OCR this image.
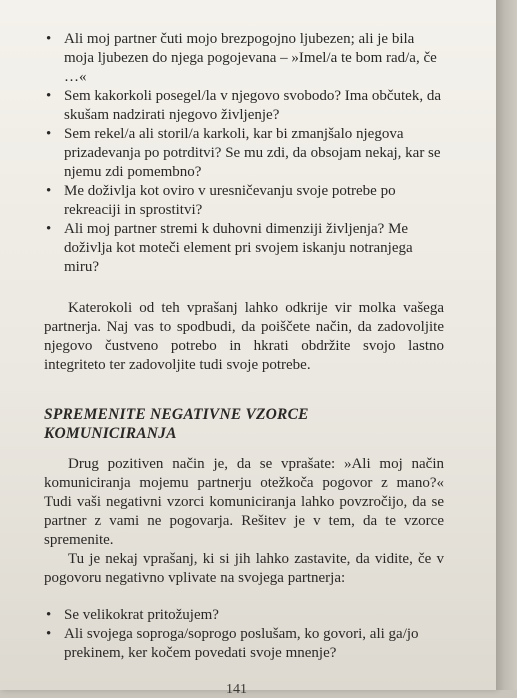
• Ali moj partner čuti mojo brezpogojno ljubezen; ali je bila moja ljubezen do njega pogojevana – »Imel/a te bom rad/a, če …«
• Sem kakorkoli posegel/la v njegovo svobodo? Ima občutek, da skušam nadzirati njegovo življenje?
• Sem rekel/a ali storil/a karkoli, kar bi zmanjšalo njegova prizadevanja po potrditvi? Se mu zdi, da obsojam nekaj, kar se njemu zdi pomembno?
• Me doživlja kot oviro v uresničevanju svoje potrebe po rekreaciji in sprostitvi?
• Ali moj partner stremi k duhovni dimenziji življenja? Me doživlja kot moteči element pri svojem iskanju notranjega miru?

Katerokoli od teh vprašanj lahko odkrije vir molka vašega partnerja. Naj vas to spodbudi, da poiščete način, da zadovoljite njegovo čustveno potrebo in hkrati obdržite svojo lastno integriteto ter zadovoljite tudi svoje potrebe.

SPREMENITE NEGATIVNE VZORCE KOMUNICIRANJA

Drug pozitiven način je, da se vprašate: »Ali moj način komuniciranja mojemu partnerju otežkoča pogovor z mano?« Tudi vaši negativni vzorci komuniciranja lahko povzročijo, da se partner z vami ne pogovarja. Rešitev je v tem, da te vzorce spremenite.

Tu je nekaj vprašanj, ki si jih lahko zastavite, da vidite, če v pogovoru negativno vplivate na svojega partnerja:

• Se velikokrat pritožujem?
• Ali svojega soproga/soprogo poslušam, ko govori, ali ga/jo prekinem, ker kočem povedati svoje mnenje?
141
